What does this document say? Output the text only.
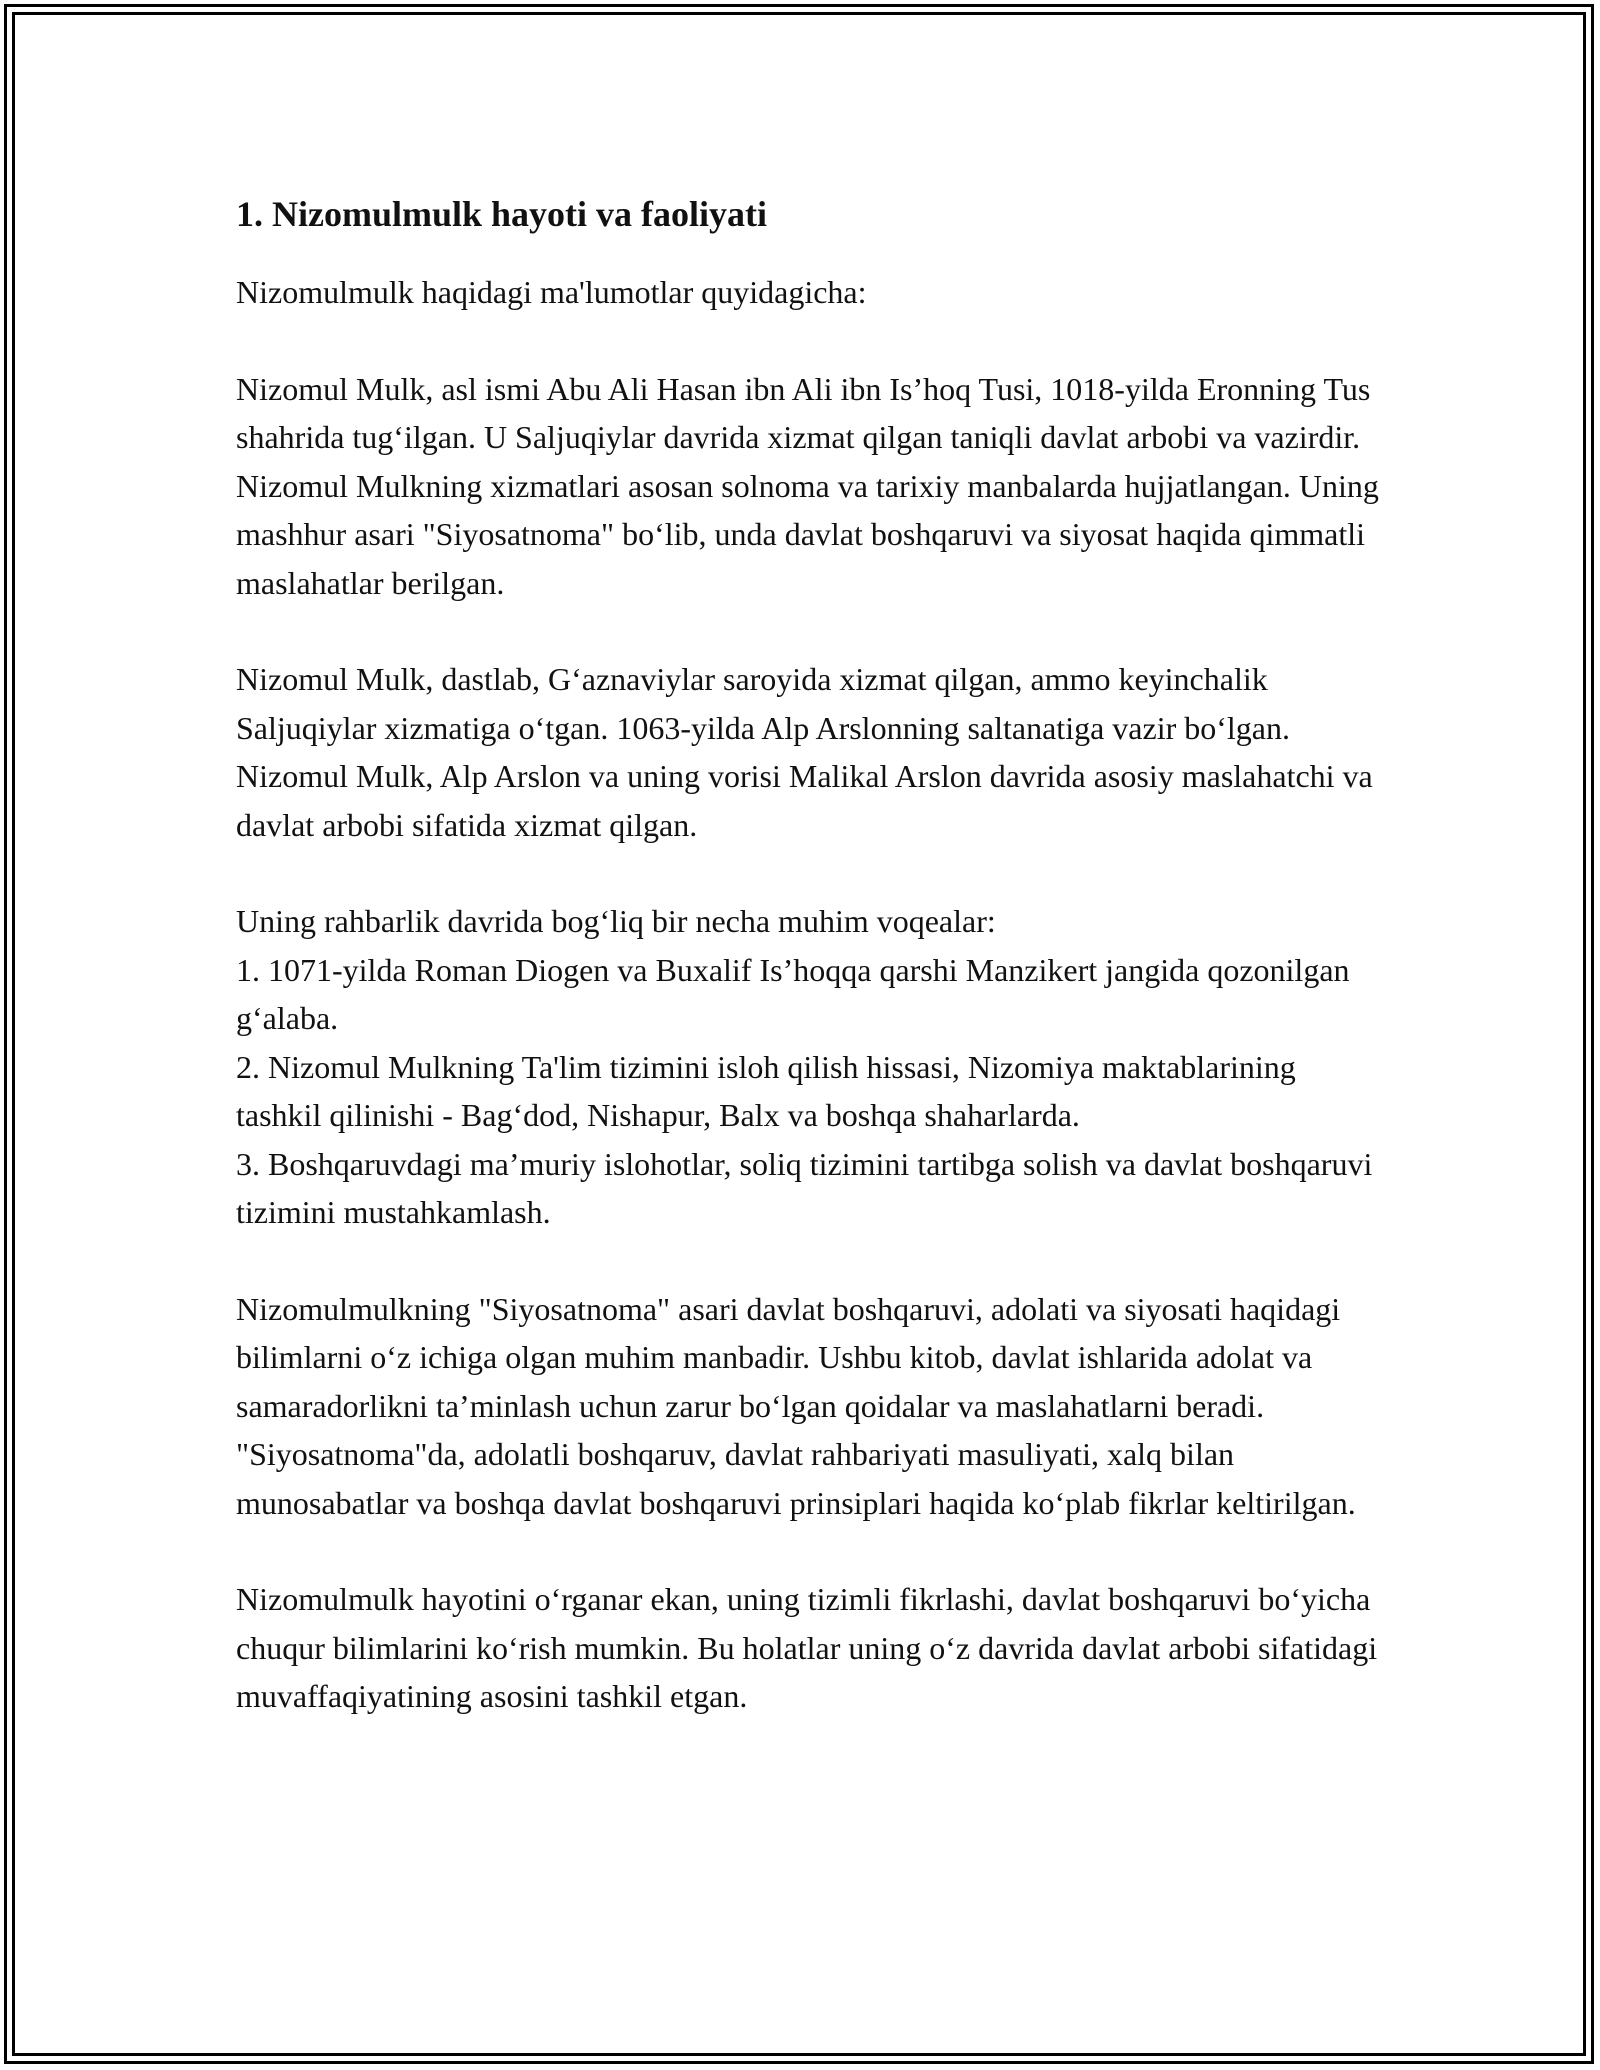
1. Nizomulmulk hayoti va faoliyati

Nizomulmulk haqidagi ma'lumotlar quyidagicha:

Nizomul Mulk, asl ismi Abu Ali Hasan ibn Ali ibn Is’hoq Tusi, 1018-yilda Eronning Tus shahrida tug‘ilgan. U Saljuqiylar davrida xizmat qilgan taniqli davlat arbobi va vazirdir. Nizomul Mulkning xizmatlari asosan solnoma va tarixiy manbalarda hujjatlangan. Uning mashhur asari "Siyosatnoma" bo‘lib, unda davlat boshqaruvi va siyosat haqida qimmatli maslahatlar berilgan.

Nizomul Mulk, dastlab, G‘aznaviylar saroyida xizmat qilgan, ammo keyinchalik Saljuqiylar xizmatiga o‘tgan. 1063-yilda Alp Arslonning saltanatiga vazir bo‘lgan. Nizomul Mulk, Alp Arslon va uning vorisi Malikal Arslon davrida asosiy maslahatchi va davlat arbobi sifatida xizmat qilgan.

Uning rahbarlik davrida bog‘liq bir necha muhim voqealar:
1. 1071-yilda Roman Diogen va Buxalif Is’hoqqa qarshi Manzikert jangida qozonilgan g‘alaba.
2. Nizomul Mulkning Ta'lim tizimini isloh qilish hissasi, Nizomiya maktablarining tashkil qilinishi - Bag‘dod, Nishapur, Balx va boshqa shaharlarda.
3. Boshqaruvdagi ma’muriy islohotlar, soliq tizimini tartibga solish va davlat boshqaruvi tizimini mustahkamlash.

Nizomulmulkning "Siyosatnoma" asari davlat boshqaruvi, adolati va siyosati haqidagi bilimlarni o‘z ichiga olgan muhim manbadir. Ushbu kitob, davlat ishlarida adolat va samaradorlikni ta’minlash uchun zarur bo‘lgan qoidalar va maslahatlarni beradi. "Siyosatnoma"da, adolatli boshqaruv, davlat rahbariyati masuliyati, xalq bilan munosabatlar va boshqa davlat boshqaruvi prinsiplari haqida ko‘plab fikrlar keltirilgan.

Nizomulmulk hayotini o‘rganar ekan, uning tizimli fikrlashi, davlat boshqaruvi bo‘yicha chuqur bilimlarini ko‘rish mumkin. Bu holatlar uning o‘z davrida davlat arbobi sifatidagi muvaffaqiyatining asosini tashkil etgan.
